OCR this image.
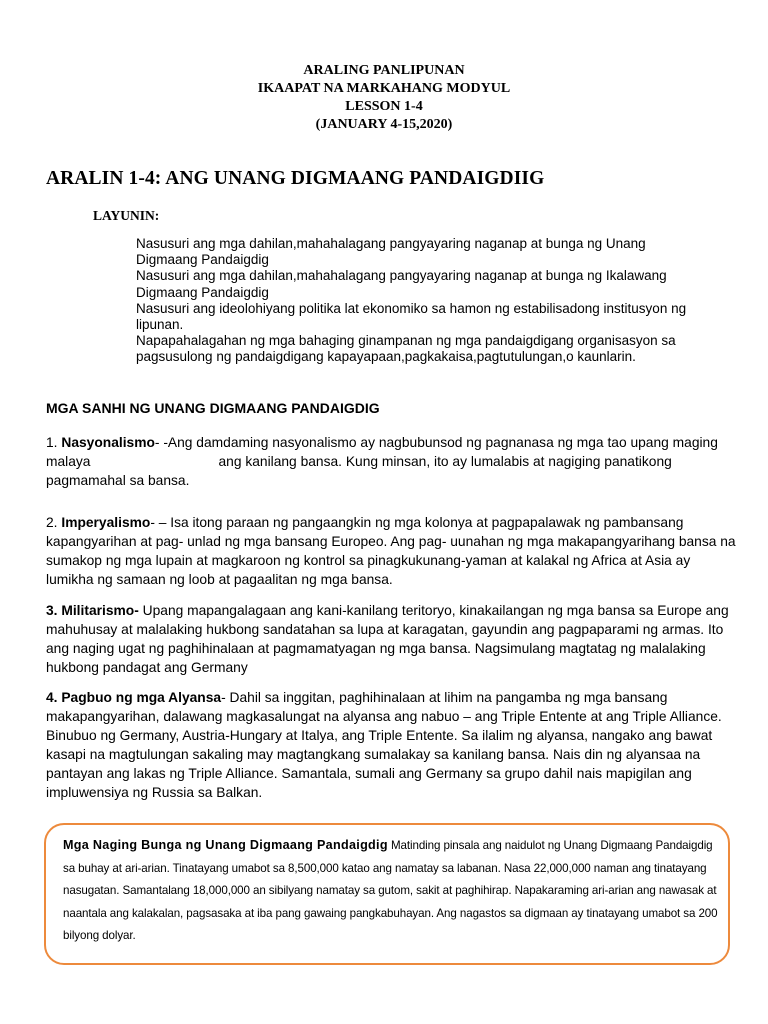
ARALING PANLIPUNAN
IKAAPAT NA MARKAHANG MODYUL
LESSON 1-4
(JANUARY 4-15,2020)
ARALIN 1-4: ANG UNANG DIGMAANG PANDAIGDIIG
LAYUNIN:
Nasusuri ang mga dahilan,mahahalagang pangyayaring naganap at bunga ng Unang Digmaang Pandaigdig
Nasusuri ang mga dahilan,mahahalagang pangyayaring naganap at bunga ng Ikalawang Digmaang Pandaigdig
Nasusuri ang ideolohiyang politika lat ekonomiko sa hamon ng estabilisadong institusyon ng lipunan.
Napapahalagahan ng mga bahaging ginampanan ng mga pandaigdigang organisasyon sa pagsusulong ng pandaigdigang kapayapaan,pagkakaisa,pagtutulungan,o kaunlarin.
MGA SANHI NG UNANG DIGMAANG PANDAIGDIG
1. Nasyonalismo- -Ang damdaming nasyonalismo ay nagbubunsod ng pagnanasa ng mga tao upang maging malaya	ang kanilang bansa. Kung minsan, ito ay lumalabis at nagiging panatikong pagmamahal sa bansa.
2. Imperyalismo- – Isa itong paraan ng pangaangkin ng mga kolonya at pagpapalawak ng pambansang kapangyarihan at pag- unlad ng mga bansang Europeo. Ang pag- uunahan ng mga makapangyarihang bansa na sumakop ng mga lupain at magkaroon ng kontrol sa pinagkukunang-yaman at kalakal ng Africa at Asia ay lumikha ng samaan ng loob at pagaalitan ng mga bansa.
3. Militarismo- Upang mapangalagaan ang kani-kanilang teritoryo, kinakailangan ng mga bansa sa Europe ang mahuhusay at malalaking hukbong sandatahan sa lupa at karagatan, gayundin ang pagpaparami ng armas. Ito ang naging ugat ng paghihinalaan at pagmamatyagan ng mga bansa. Nagsimulang magtatag ng malalaking hukbong pandagat ang Germany
4. Pagbuo ng mga Alyansa- Dahil sa inggitan, paghihinalaan at lihim na pangamba ng mga bansang makapangyarihan, dalawang magkasalungat na alyansa ang nabuo – ang Triple Entente at ang Triple Alliance. Binubuo ng Germany, Austria-Hungary at Italya, ang Triple Entente. Sa ilalim ng alyansa, nangako ang bawat kasapi na magtulungan sakaling may magtangkang sumalakay sa kanilang bansa. Nais din ng alyansaa na pantayan ang lakas ng Triple Alliance. Samantala, sumali ang Germany sa grupo dahil nais mapigilan ang impluwensiya ng Russia sa Balkan.
Mga Naging Bunga ng Unang Digmaang Pandaigdig Matinding pinsala ang naidulot ng Unang Digmaang Pandaigdig sa buhay at ari-arian. Tinatayang umabot sa 8,500,000 katao ang namatay sa labanan. Nasa 22,000,000 naman ang tinatayang nasugatan. Samantalang 18,000,000 an sibilyang namatay sa gutom, sakit at paghihirap. Napakaraming ari-arian ang nawasak at naantala ang kalakalan, pagsasaka at iba pang gawaing pangkabuhayan. Ang nagastos sa digmaan ay tinatayang umabot sa 200 bilyong dolyar.
